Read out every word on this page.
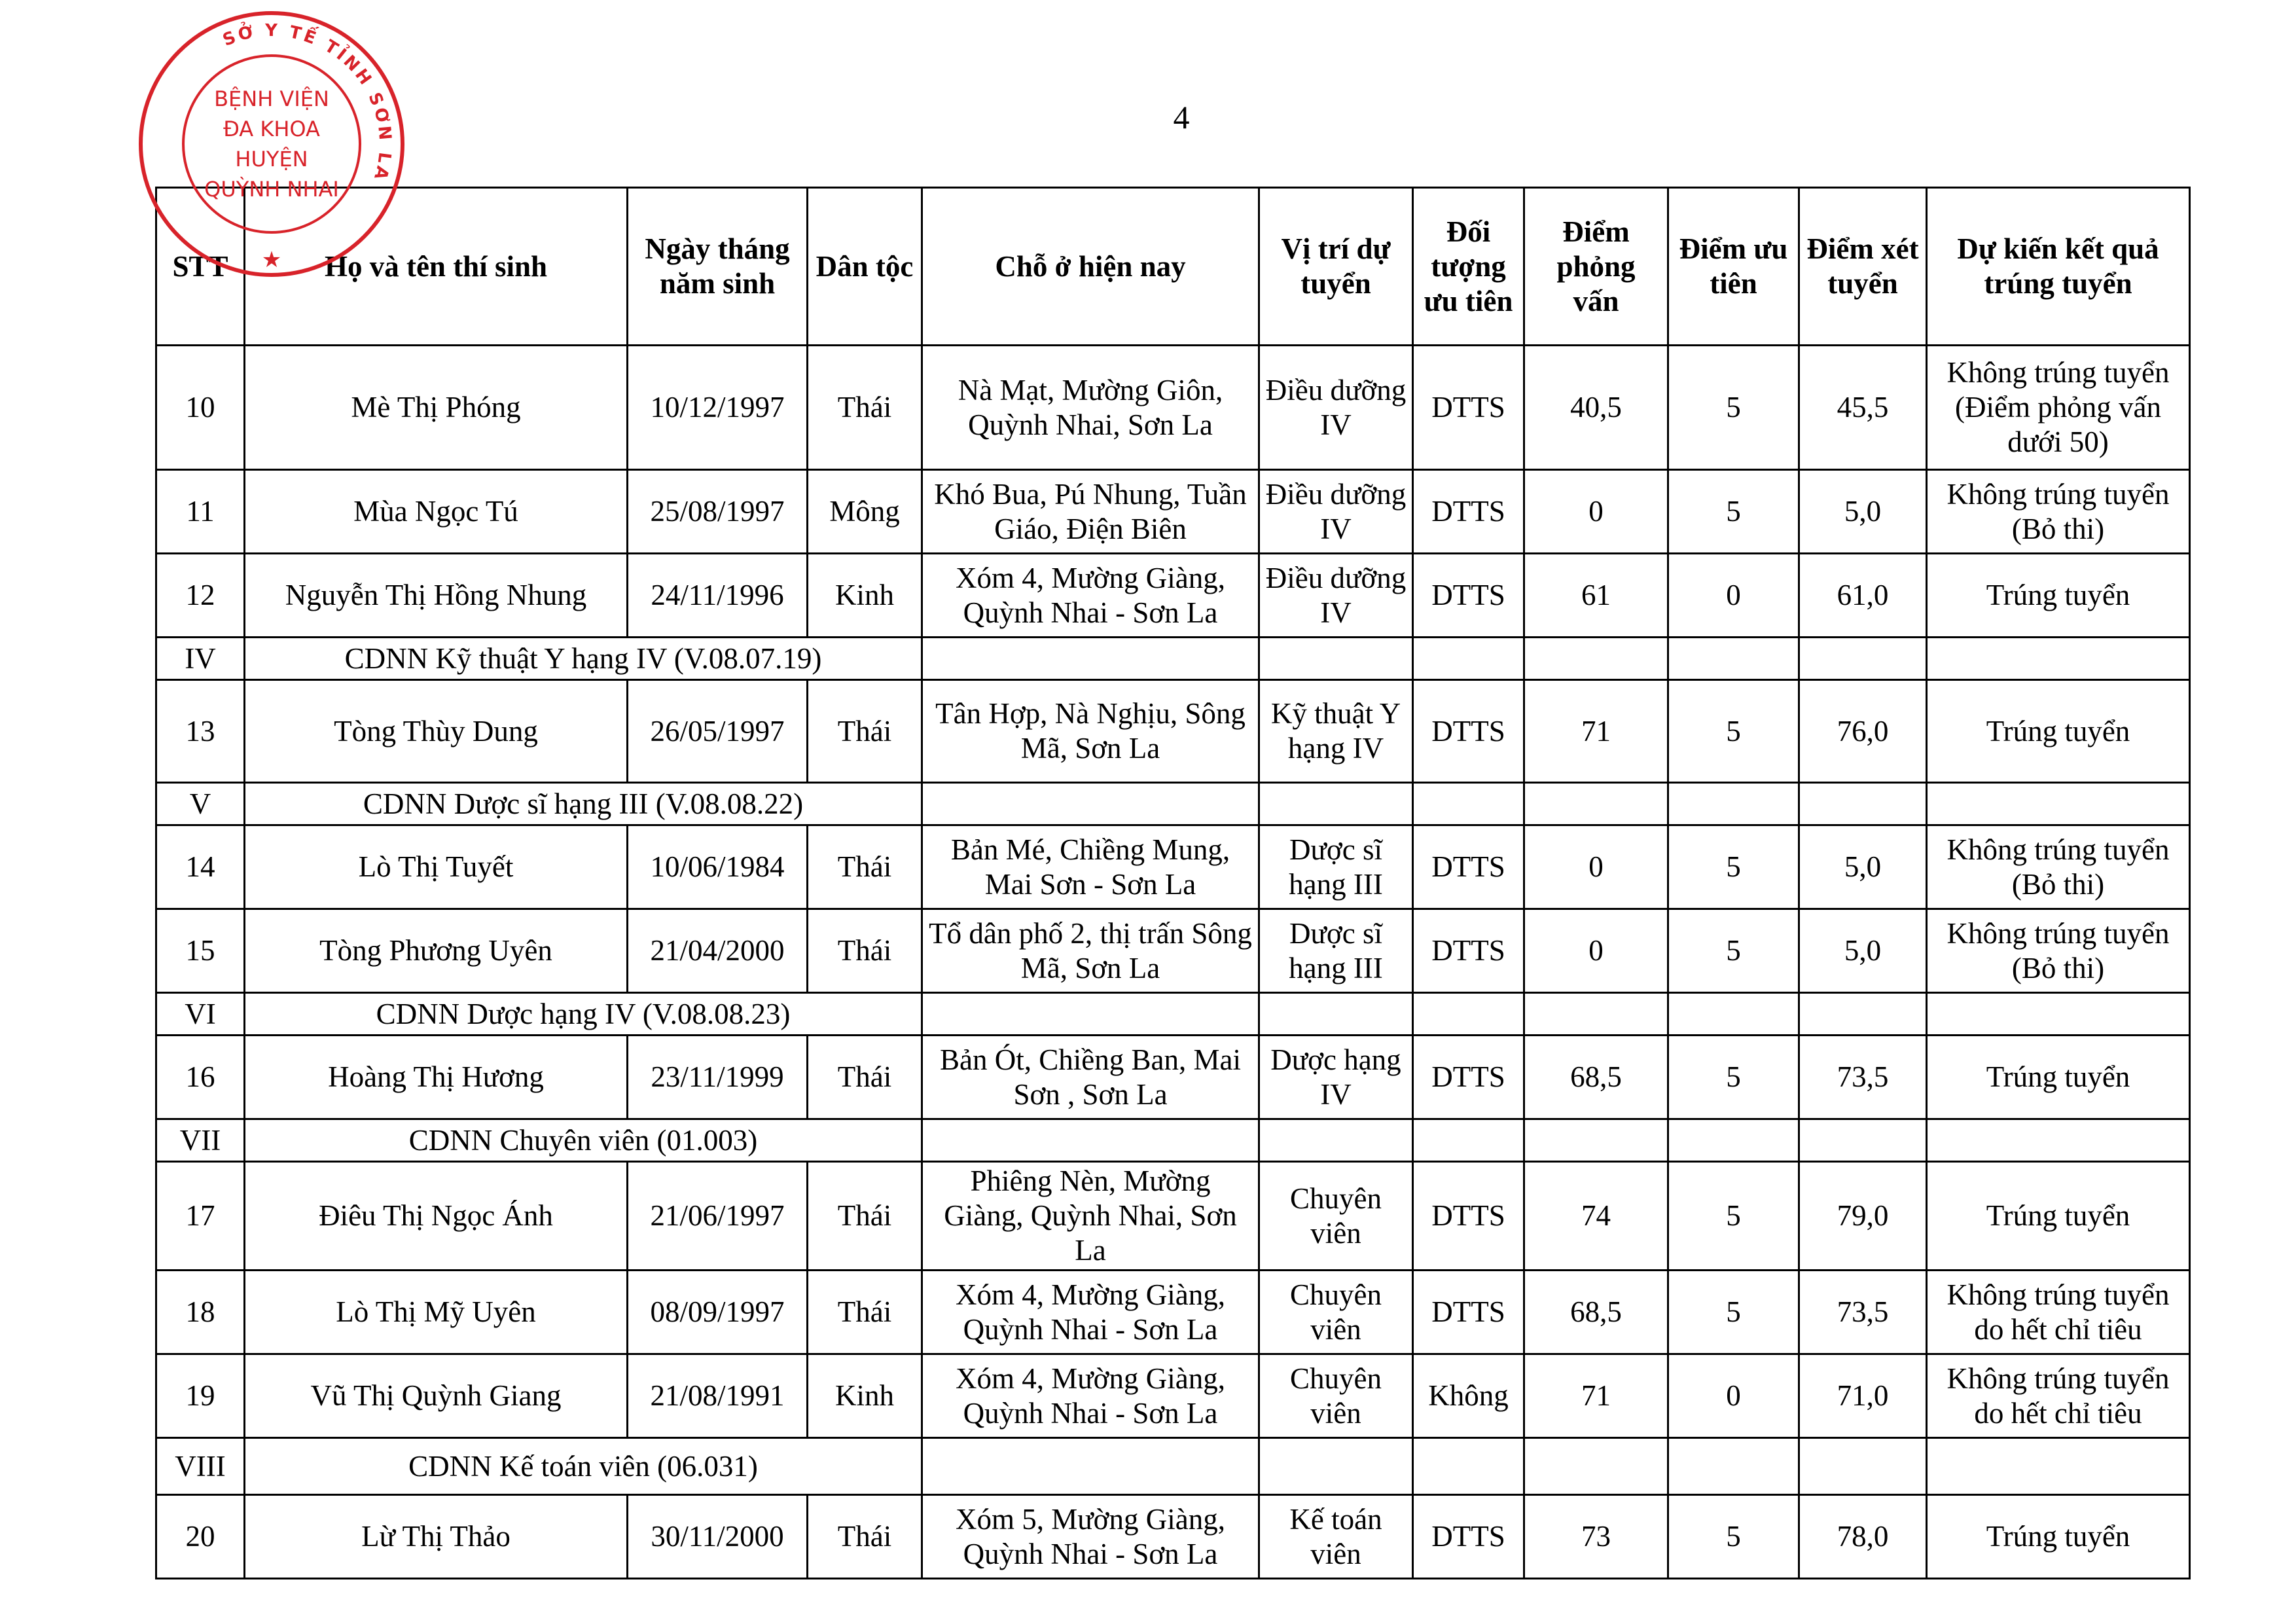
4
SỞ Y TẾ TỈNH SƠN LA
BỆNH VIỆN
ĐA KHOA
HUYỆN
QUỲNH NHAI
★
STT	Họ và tên thí sinh	Ngày tháng năm sinh	Dân tộc	Chỗ ở hiện nay	Vị trí dự tuyển	Đối tượng ưu tiên	Điểm phỏng vấn	Điểm ưu tiên	Điểm xét tuyển	Dự kiến kết quả trúng tuyển
10	Mè Thị Phóng	10/12/1997	Thái	Nà Mạt, Mường Giôn, Quỳnh Nhai, Sơn La	Điều dưỡng IV	DTTS	40,5	5	45,5	Không trúng tuyển (Điểm phỏng vấn dưới 50)
11	Mùa Ngọc Tú	25/08/1997	Mông	Khó Bua, Pú Nhung, Tuần Giáo, Điện Biên	Điều dưỡng IV	DTTS	0	5	5,0	Không trúng tuyển (Bỏ thi)
12	Nguyễn Thị Hồng Nhung	24/11/1996	Kinh	Xóm 4, Mường Giàng, Quỳnh Nhai - Sơn La	Điều dưỡng IV	DTTS	61	0	61,0	Trúng tuyển
IV	CDNN Kỹ thuật Y hạng IV (V.08.07.19)									
13	Tòng Thùy Dung	26/05/1997	Thái	Tân Hợp, Nà Nghịu, Sông Mã, Sơn La	Kỹ thuật Y hạng IV	DTTS	71	5	76,0	Trúng tuyển
V	CDNN Dược sĩ hạng III (V.08.08.22)									
14	Lò Thị Tuyết	10/06/1984	Thái	Bản Mé, Chiềng Mung, Mai Sơn - Sơn La	Dược sĩ hạng III	DTTS	0	5	5,0	Không trúng tuyển (Bỏ thi)
15	Tòng Phương Uyên	21/04/2000	Thái	Tổ dân phố 2, thị trấn Sông Mã, Sơn La	Dược sĩ hạng III	DTTS	0	5	5,0	Không trúng tuyển (Bỏ thi)
VI	CDNN Dược hạng IV (V.08.08.23)									
16	Hoàng Thị Hương	23/11/1999	Thái	Bản Ót, Chiềng Ban, Mai Sơn , Sơn La	Dược hạng IV	DTTS	68,5	5	73,5	Trúng tuyển
VII	CDNN Chuyên viên (01.003)									
17	Điêu Thị Ngọc Ánh	21/06/1997	Thái	Phiêng Nèn, Mường Giàng, Quỳnh Nhai, Sơn La	Chuyên viên	DTTS	74	5	79,0	Trúng tuyển
18	Lò Thị Mỹ Uyên	08/09/1997	Thái	Xóm 4, Mường Giàng, Quỳnh Nhai - Sơn La	Chuyên viên	DTTS	68,5	5	73,5	Không trúng tuyển do hết chỉ tiêu
19	Vũ Thị Quỳnh Giang	21/08/1991	Kinh	Xóm 4, Mường Giàng, Quỳnh Nhai - Sơn La	Chuyên viên	Không	71	0	71,0	Không trúng tuyển do hết chỉ tiêu
VIII	CDNN Kế toán viên (06.031)									
20	Lừ Thị Thảo	30/11/2000	Thái	Xóm 5, Mường Giàng, Quỳnh Nhai - Sơn La	Kế toán viên	DTTS	73	5	78,0	Trúng tuyển
